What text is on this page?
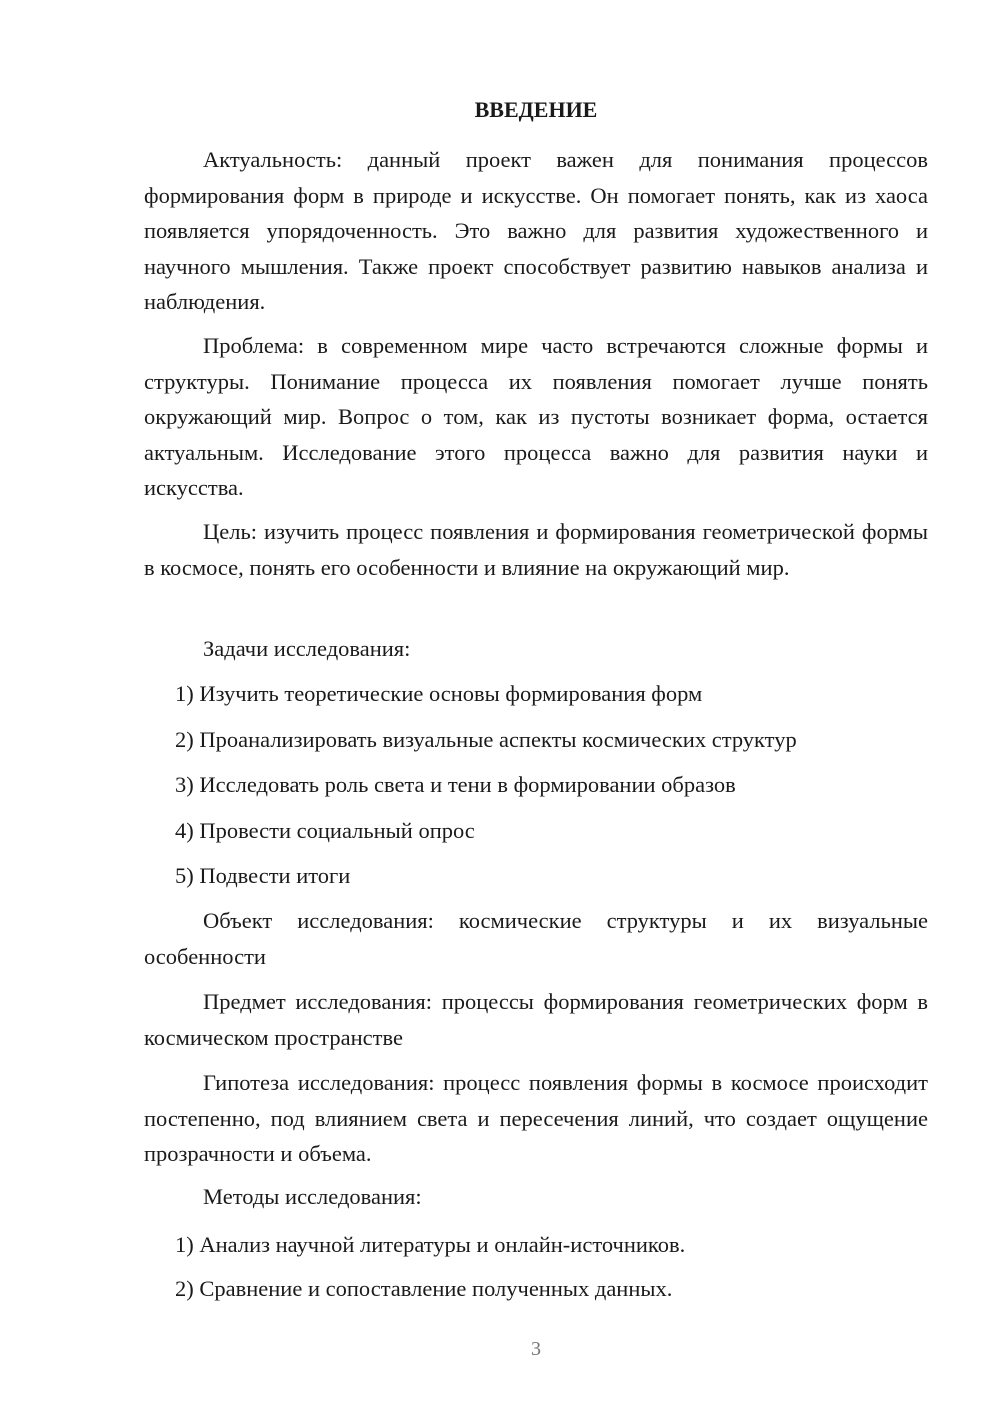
ВВЕДЕНИЕ

Актуальность: данный проект важен для понимания процессов формирования форм в природе и искусстве. Он помогает понять, как из хаоса появляется упорядоченность. Это важно для развития художественного и научного мышления. Также проект способствует развитию навыков анализа и наблюдения.

Проблема: в современном мире часто встречаются сложные формы и структуры. Понимание процесса их появления помогает лучше понять окружающий мир. Вопрос о том, как из пустоты возникает форма, остается актуальным. Исследование этого процесса важно для развития науки и искусства.

Цель: изучить процесс появления и формирования геометрической формы в космосе, понять его особенности и влияние на окружающий мир.

Задачи исследования:

1) Изучить теоретические основы формирования форм

2) Проанализировать визуальные аспекты космических структур

3) Исследовать роль света и тени в формировании образов

4) Провести социальный опрос

5) Подвести итоги

Объект исследования: космические структуры и их визуальные особенности

Предмет исследования: процессы формирования геометрических форм в космическом пространстве

Гипотеза исследования: процесс появления формы в космосе происходит постепенно, под влиянием света и пересечения линий, что создает ощущение прозрачности и объема.

Методы исследования:

1) Анализ научной литературы и онлайн-источников.

2) Сравнение и сопоставление полученных данных.

3
